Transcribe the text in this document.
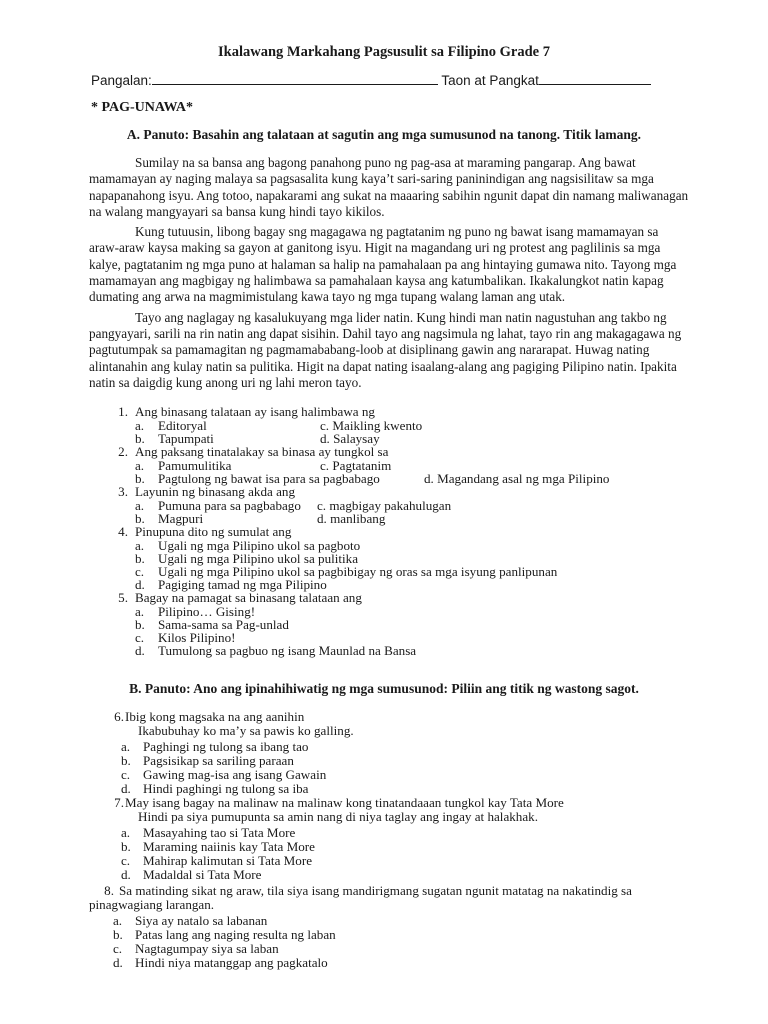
Ikalawang Markahang Pagsusulit sa Filipino Grade 7
Pangalan:	Taon at Pangkat
* PAG-UNAWA*
A. Panuto: Basahin ang talataan at sagutin ang mga sumusunod na tanong. Titik lamang.

Sumilay na sa bansa ang bagong panahong puno ng pag-asa at maraming pangarap. Ang bawat mamamayan ay naging malaya sa pagsasalita kung kaya’t sari-saring paninindigan ang nagsisilitaw sa mga napapanahong isyu. Ang totoo, napakarami ang sukat na maaaring sabihin ngunit dapat din namang maliwanagan na walang mangyayari sa bansa kung hindi tayo kikilos.

Kung tutuusin, libong bagay sng magagawa ng pagtatanim ng puno ng bawat isang mamamayan sa araw-araw kaysa making sa gayon at ganitong isyu. Higit na magandang uri ng protest ang paglilinis sa mga kalye, pagtatanim ng mga puno at halaman sa halip na pamahalaan pa ang hintaying gumawa nito. Tayong mga mamamayan ang magbigay ng halimbawa sa pamahalaan kaysa ang katumbalikan. Ikakalungkot natin kapag dumating ang arwa na magmimistulang kawa tayo ng mga tupang walang laman ang utak.

Tayo ang naglagay ng kasalukuyang mga lider natin. Kung hindi man natin nagustuhan ang takbo ng pangyayari, sarili na rin natin ang dapat sisihin. Dahil tayo ang nagsimula ng lahat, tayo rin ang makagagawa ng pagtutumpak sa pamamagitan ng pagmamababang-loob at disiplinang gawin ang nararapat. Huwag nating alintanahin ang kulay natin sa pulitika. Higit na dapat nating isaalang-alang ang pagiging Pilipino natin. Ipakita natin sa daigdig kung anong uri ng lahi meron tayo.

1. Ang binasang talataan ay isang halimbawa ng
a.	Editoryal	c. Maikling kwento
b.	Tapumpati	d. Salaysay
2. Ang paksang tinatalakay sa binasa ay tungkol sa
a.	Pamumulitika	c. Pagtatanim
b.	Pagtulong ng bawat isa para sa pagbabago	d. Magandang asal ng mga Pilipino
3. Layunin ng binasang akda ang
a.	Pumuna para sa pagbabago c. magbigay pakahulugan
b.	Magpuri	d. manlibang
4. Pinupuna dito ng sumulat ang
a.	Ugali ng mga Pilipino ukol sa pagboto
b.	Ugali ng mga Pilipino ukol sa pulitika
c.	Ugali ng mga Pilipino ukol sa pagbibigay ng oras sa mga isyung panlipunan
d.	Pagiging tamad ng mga Pilipino
5. Bagay na pamagat sa binasang talataan ang
a.	Pilipino… Gising!
b.	Sama-sama sa Pag-unlad
c.	Kilos Pilipino!
d.	Tumulong sa pagbuo ng isang Maunlad na Bansa
B. Panuto: Ano ang ipinahihiwatig ng mga sumusunod: Piliin ang titik ng wastong sagot.
6. Ibig kong magsaka na ang aanihin
Ikabubuhay ko ma’y sa pawis ko galling.
a. Paghingi ng tulong sa ibang tao
b. Pagsisikap sa sariling paraan
c. Gawing mag-isa ang isang Gawain
d. Hindi paghingi ng tulong sa iba
7. May isang bagay na malinaw na malinaw kong tinatandaaan tungkol kay Tata More
Hindi pa siya pumupunta sa amin nang di niya taglay ang ingay at halakhak.
a. Masayahing tao si Tata More
b. Maraming naiinis kay Tata More
c. Mahirap kalimutan si Tata More
d. Madaldal si Tata More
8. Sa matinding sikat ng araw, tila siya isang mandirigmang sugatan ngunit matatag na nakatindig sa
pinagwagiang larangan.
a. Siya ay natalo sa labanan
b. Patas lang ang naging resulta ng laban
c. Nagtagumpay siya sa laban
d. Hindi niya matanggap ang pagkatalo
